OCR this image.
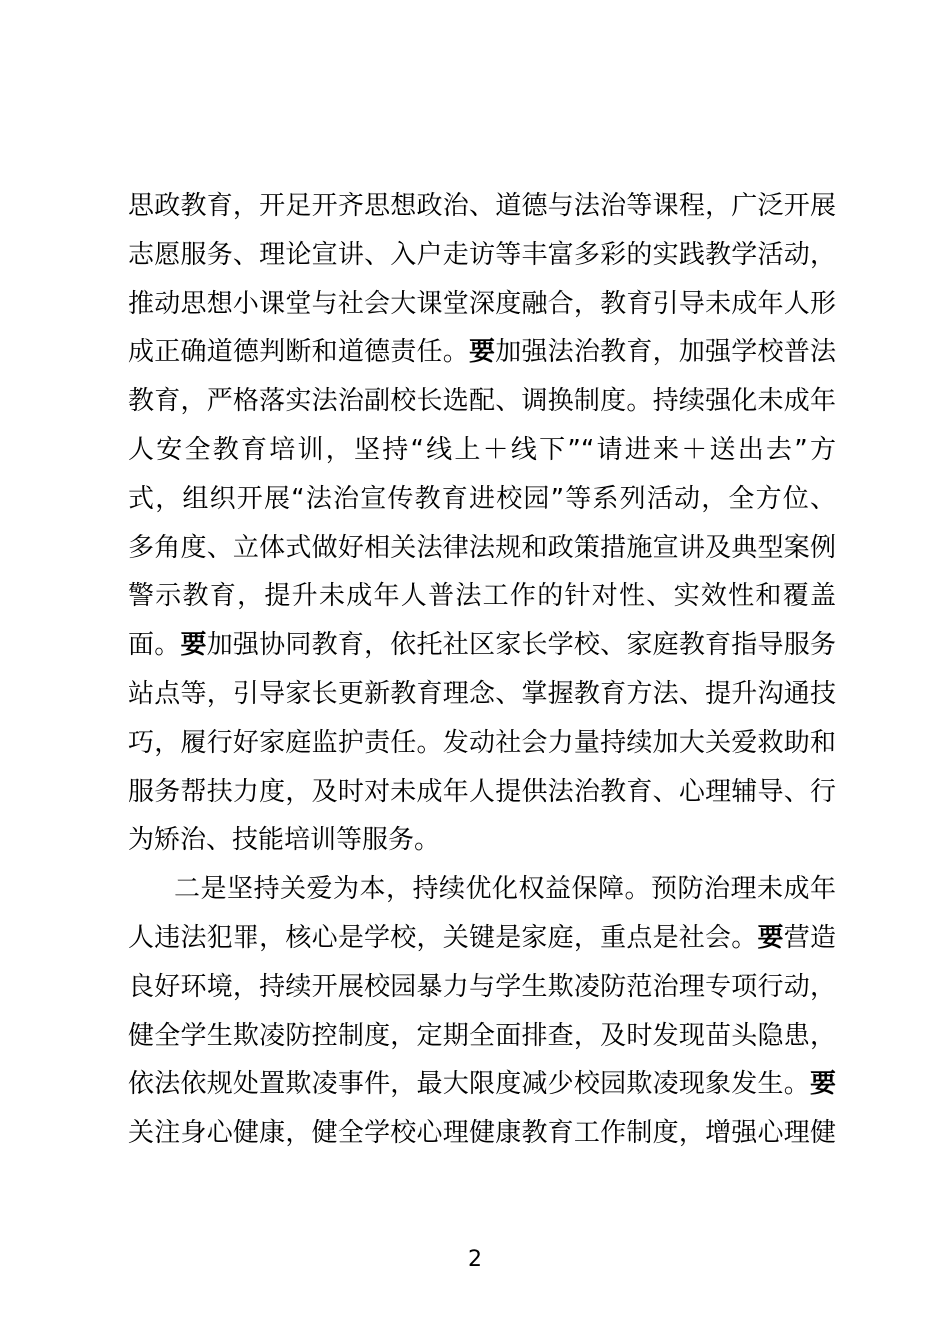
思政教育，开足开齐思想政治、道德与法治等课程，广泛开展
志愿服务、理论宣讲、入户走访等丰富多彩的实践教学活动，
推动思想小课堂与社会大课堂深度融合，教育引导未成年人形
成正确道德判断和道德责任。要加强法治教育，加强学校普法
教育，严格落实法治副校长选配、调换制度。持续强化未成年
人安全教育培训，坚持“线上＋线下”“请进来＋送出去”方
式，组织开展“法治宣传教育进校园”等系列活动，全方位、
多角度、立体式做好相关法律法规和政策措施宣讲及典型案例
警示教育，提升未成年人普法工作的针对性、实效性和覆盖
面。要加强协同教育，依托社区家长学校、家庭教育指导服务
站点等，引导家长更新教育理念、掌握教育方法、提升沟通技
巧，履行好家庭监护责任。发动社会力量持续加大关爱救助和
服务帮扶力度，及时对未成年人提供法治教育、心理辅导、行
为矫治、技能培训等服务。
二是坚持关爱为本，持续优化权益保障。预防治理未成年
人违法犯罪，核心是学校，关键是家庭，重点是社会。要营造
良好环境，持续开展校园暴力与学生欺凌防范治理专项行动，
健全学生欺凌防控制度，定期全面排查，及时发现苗头隐患，
依法依规处置欺凌事件，最大限度减少校园欺凌现象发生。要
关注身心健康，健全学校心理健康教育工作制度，增强心理健
2
